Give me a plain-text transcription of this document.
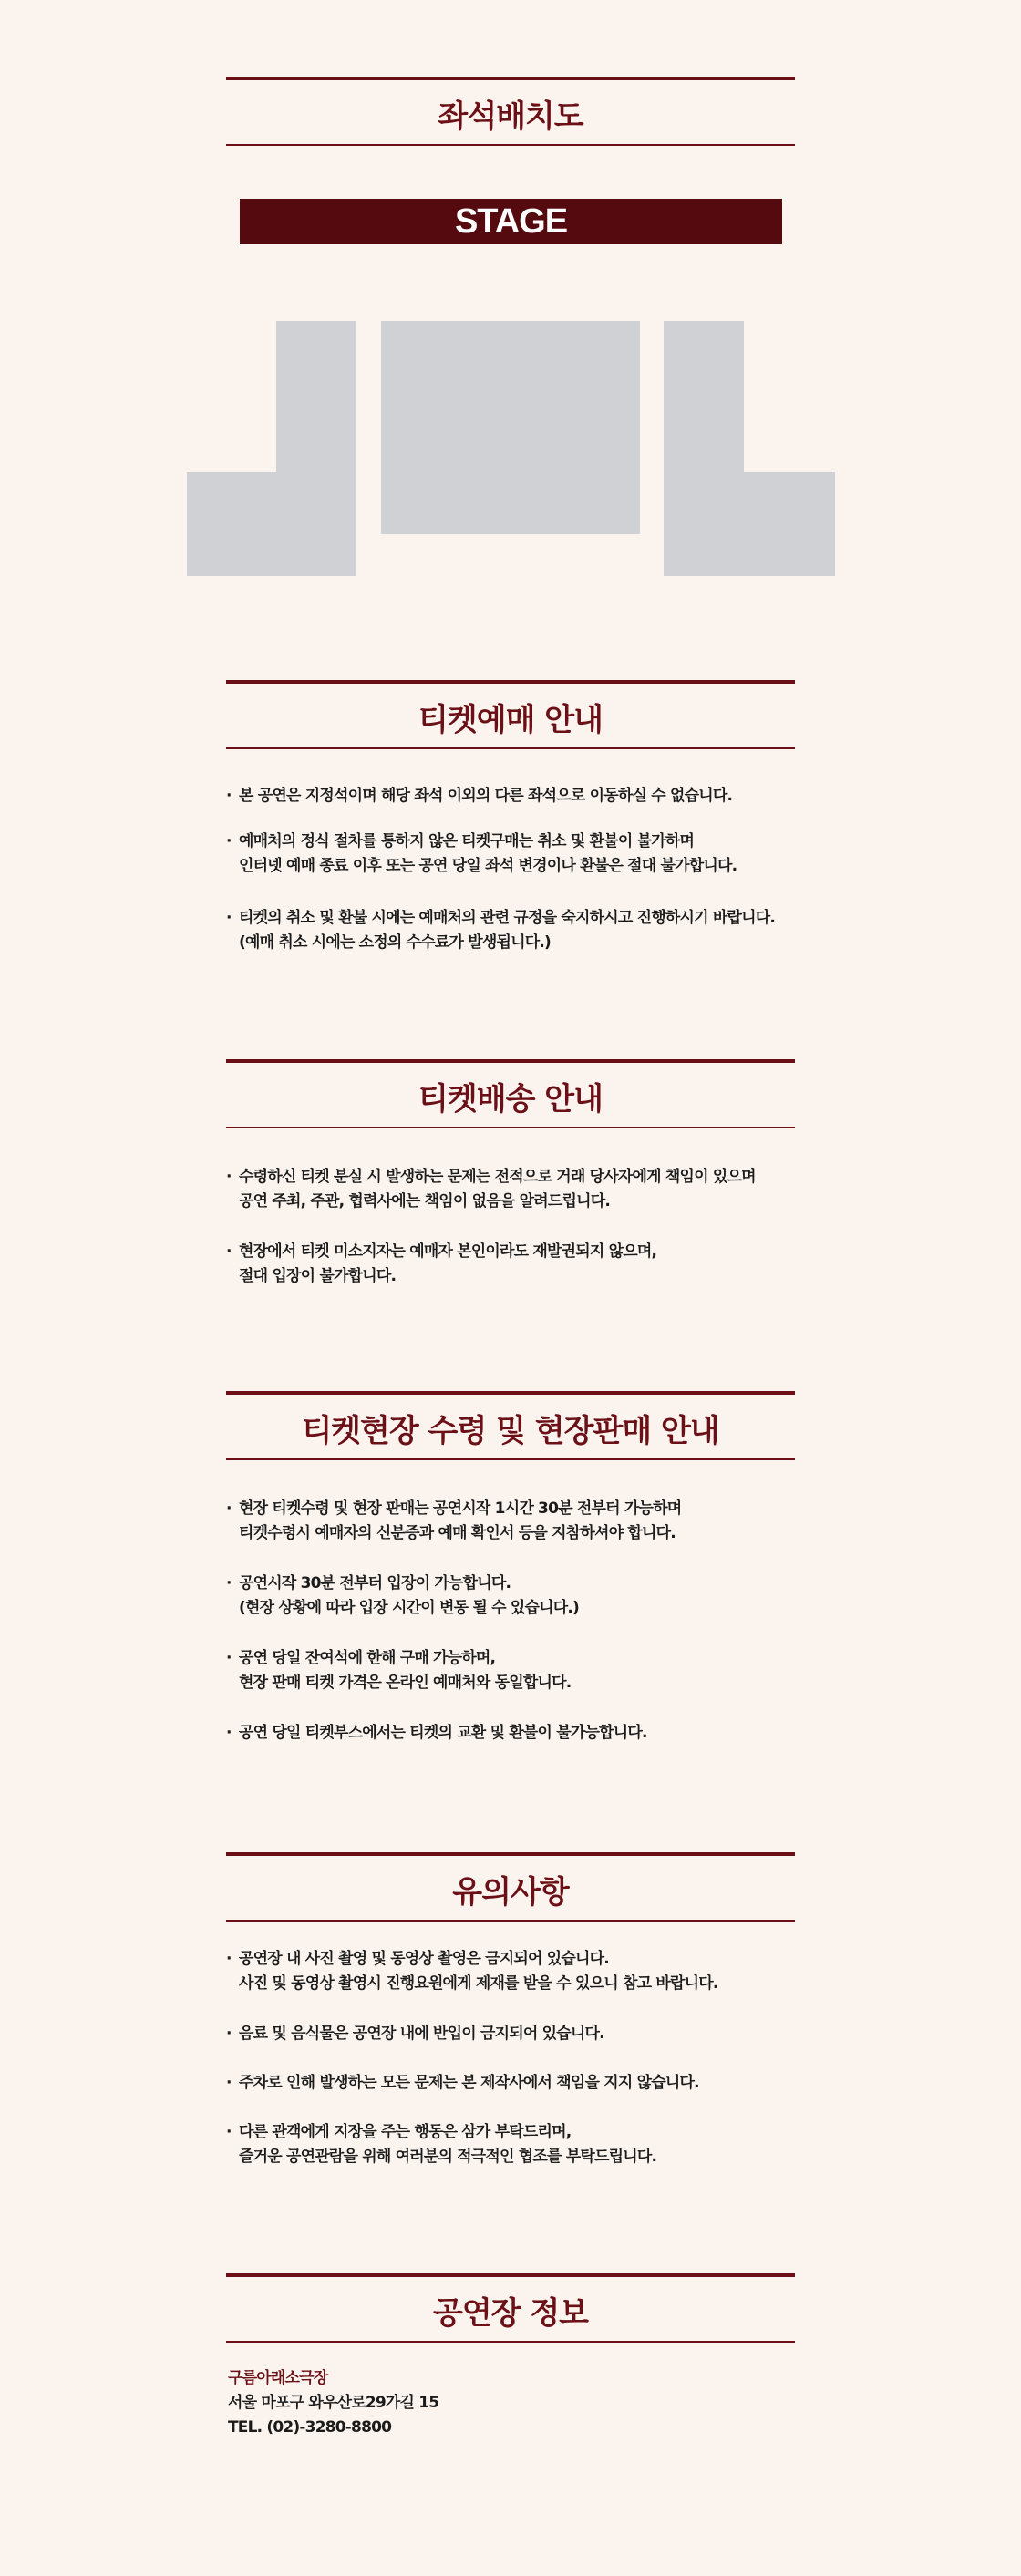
좌석배치도
STAGE
티켓예매 안내
· 본 공연은 지정석이며 해당 좌석 이외의 다른 좌석으로 이동하실 수 없습니다.
· 예매처의 정식 절차를 통하지 않은 티켓구매는 취소 및 환불이 불가하며
인터넷 예매 종료 이후 또는 공연 당일 좌석 변경이나 환불은 절대 불가합니다.
· 티켓의 취소 및 환불 시에는 예매처의 관련 규정을 숙지하시고 진행하시기 바랍니다.
(예매 취소 시에는 소정의 수수료가 발생됩니다.)
티켓배송 안내
· 수령하신 티켓 분실 시 발생하는 문제는 전적으로 거래 당사자에게 책임이 있으며
공연 주최, 주관, 협력사에는 책임이 없음을 알려드립니다.
· 현장에서 티켓 미소지자는 예매자 본인이라도 재발권되지 않으며,
절대 입장이 불가합니다.
티켓현장 수령 및 현장판매 안내
· 현장 티켓수령 및 현장 판매는 공연시작 1시간 30분 전부터 가능하며
티켓수령시 예매자의 신분증과 예매 확인서 등을 지참하셔야 합니다.
· 공연시작 30분 전부터 입장이 가능합니다.
(현장 상황에 따라 입장 시간이 변동 될 수 있습니다.)
· 공연 당일 잔여석에 한해 구매 가능하며,
현장 판매 티켓 가격은 온라인 예매처와 동일합니다.
· 공연 당일 티켓부스에서는 티켓의 교환 및 환불이 불가능합니다.
유의사항
· 공연장 내 사진 촬영 및 동영상 촬영은 금지되어 있습니다.
사진 및 동영상 촬영시 진행요원에게 제재를 받을 수 있으니 참고 바랍니다.
· 음료 및 음식물은 공연장 내에 반입이 금지되어 있습니다.
· 주차로 인해 발생하는 모든 문제는 본 제작사에서 책임을 지지 않습니다.
· 다른 관객에게 지장을 주는 행동은 삼가 부탁드리며,
즐거운 공연관람을 위해 여러분의 적극적인 협조를 부탁드립니다.
공연장 정보
구름아래소극장
서울 마포구 와우산로29가길 15
TEL. (02)-3280-8800
